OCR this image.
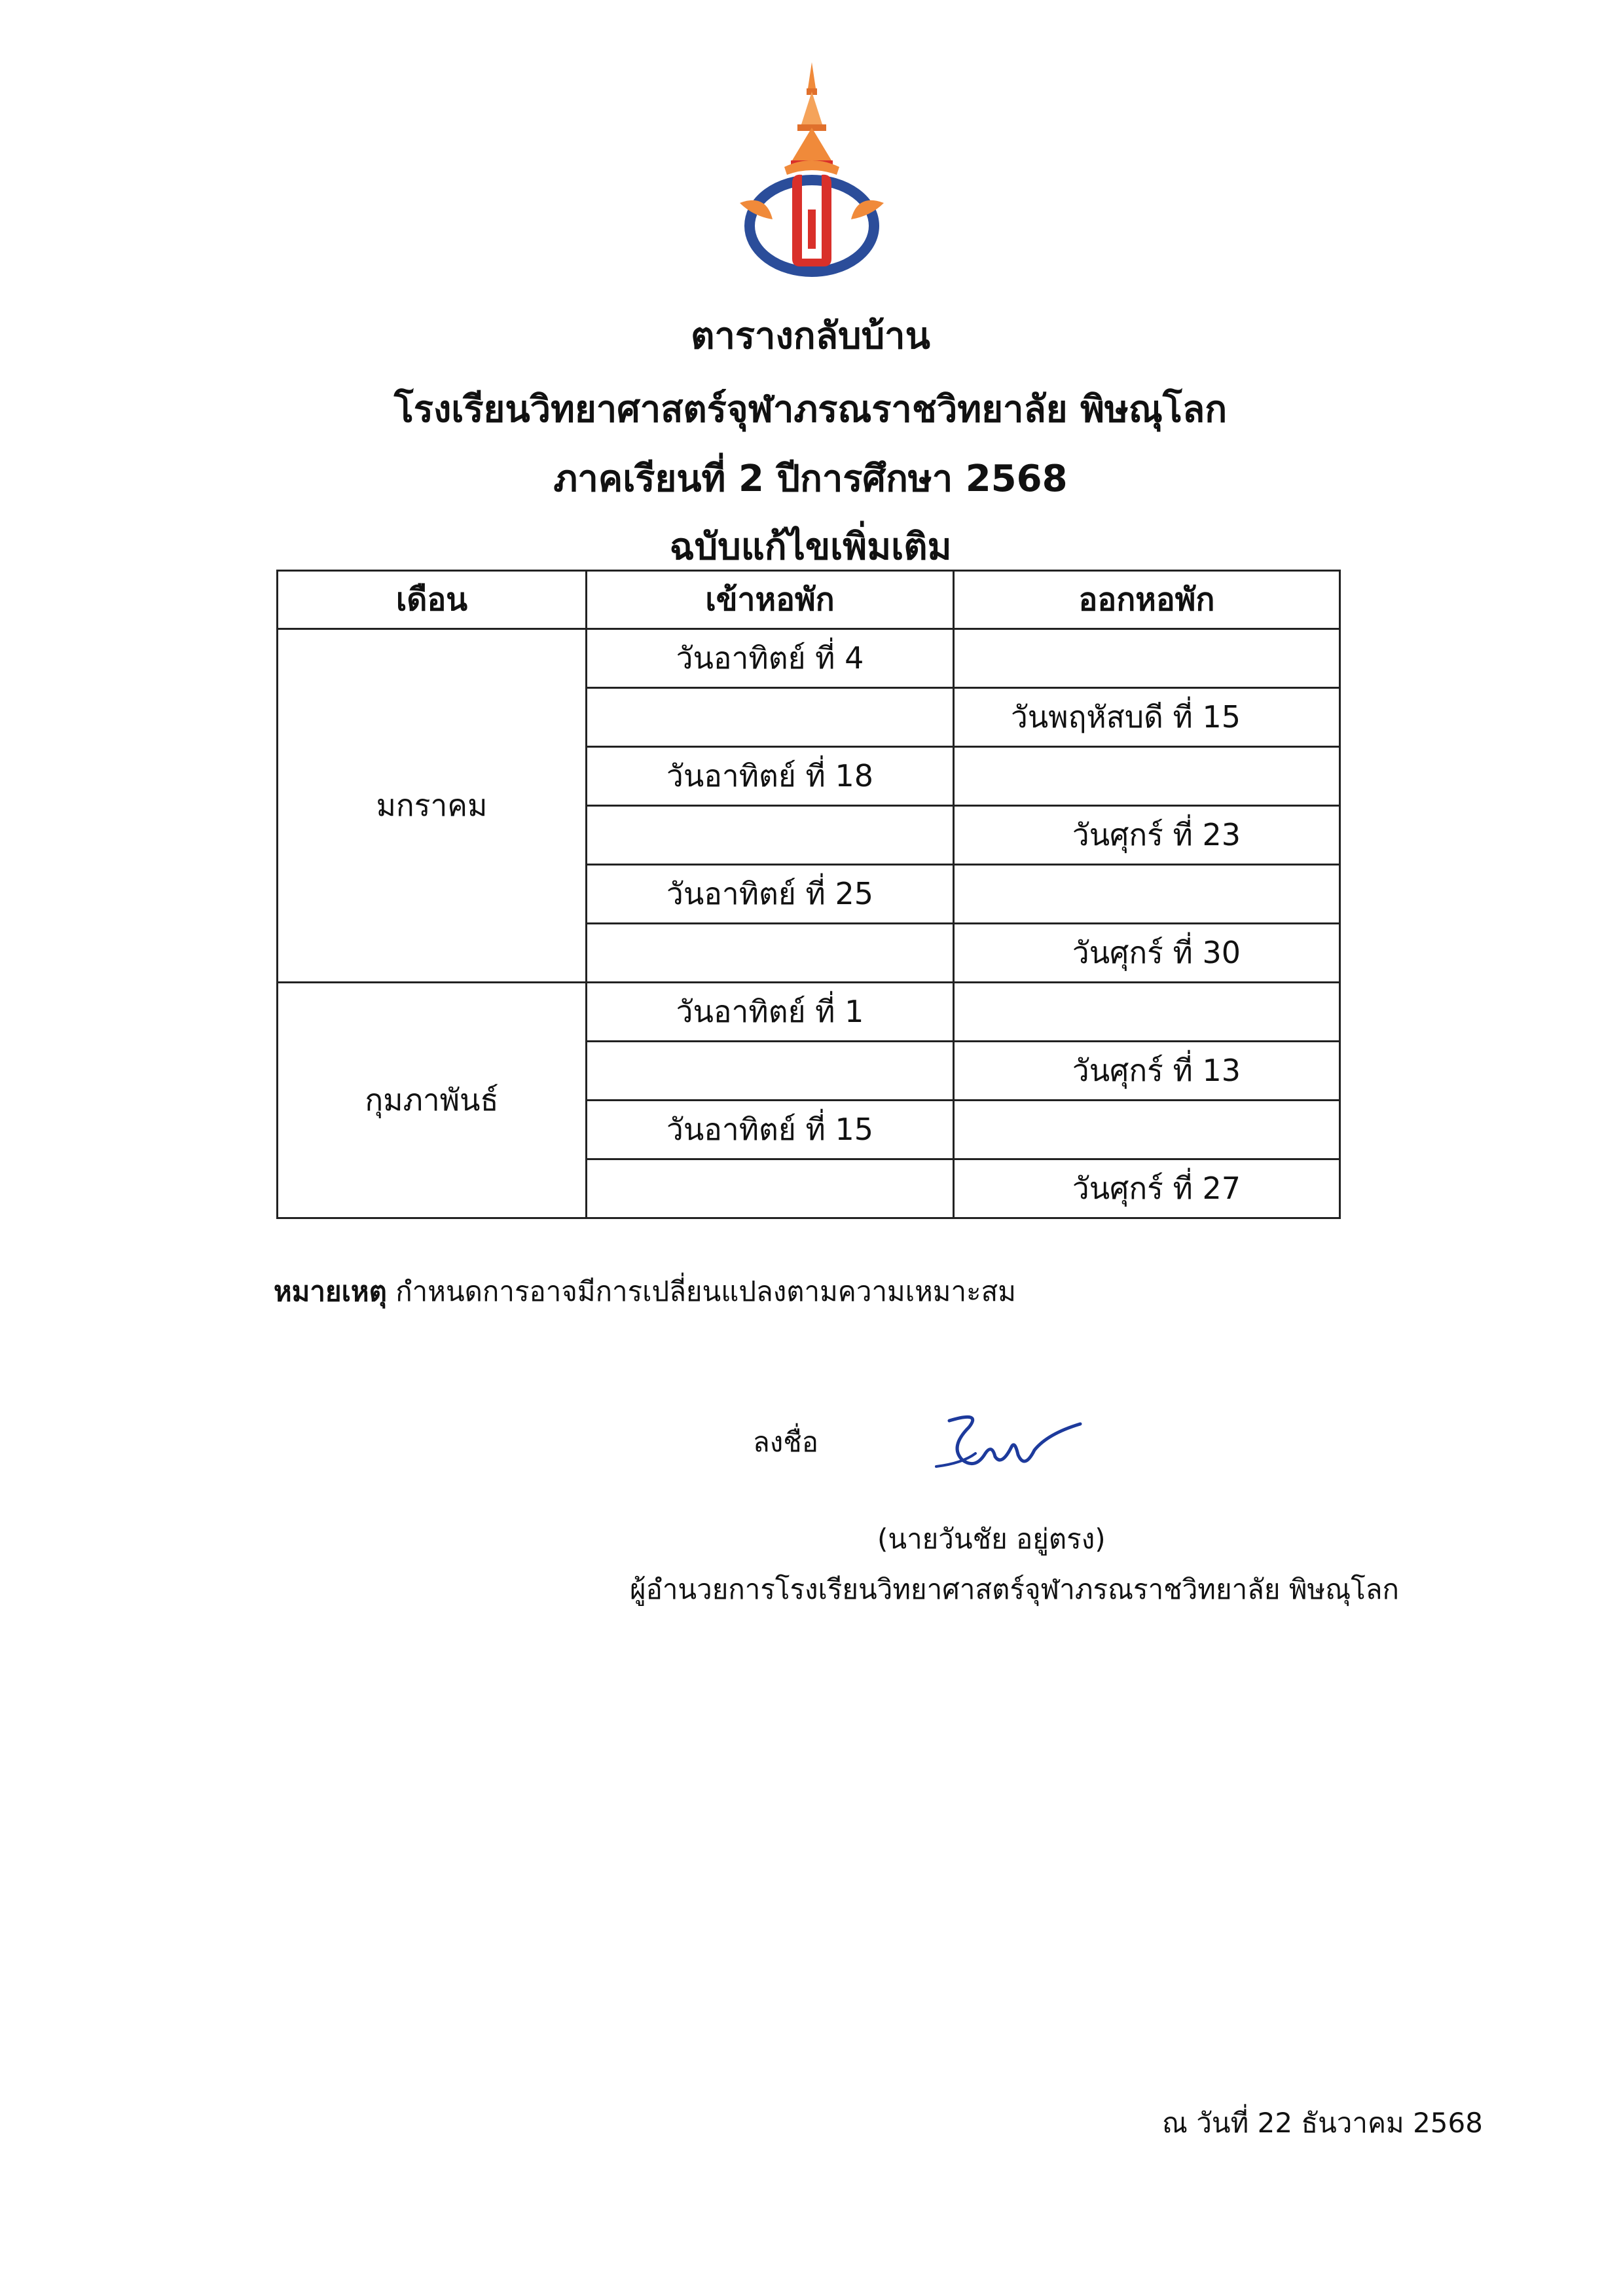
ตารางกลับบ้าน
โรงเรียนวิทยาศาสตร์จุฬาภรณราชวิทยาลัย พิษณุโลก
ภาคเรียนที่ 2 ปีการศึกษา 2568
ฉบับแก้ไขเพิ่มเติม
เดือน	เข้าหอพัก	ออกหอพัก
มกราคม	วันอาทิตย์ ที่ 4	
		วันพฤหัสบดี ที่ 15
	วันอาทิตย์ ที่ 18	
		วันศุกร์ ที่ 23
	วันอาทิตย์ ที่ 25	
		วันศุกร์ ที่ 30
กุมภาพันธ์	วันอาทิตย์ ที่ 1	
		วันศุกร์ ที่ 13
	วันอาทิตย์ ที่ 15	
		วันศุกร์ ที่ 27
หมายเหตุ กำหนดการอาจมีการเปลี่ยนแปลงตามความเหมาะสม
ลงชื่อ
(นายวันชัย อยู่ตรง)
ผู้อำนวยการโรงเรียนวิทยาศาสตร์จุฬาภรณราชวิทยาลัย พิษณุโลก
ณ วันที่ 22 ธันวาคม 2568
